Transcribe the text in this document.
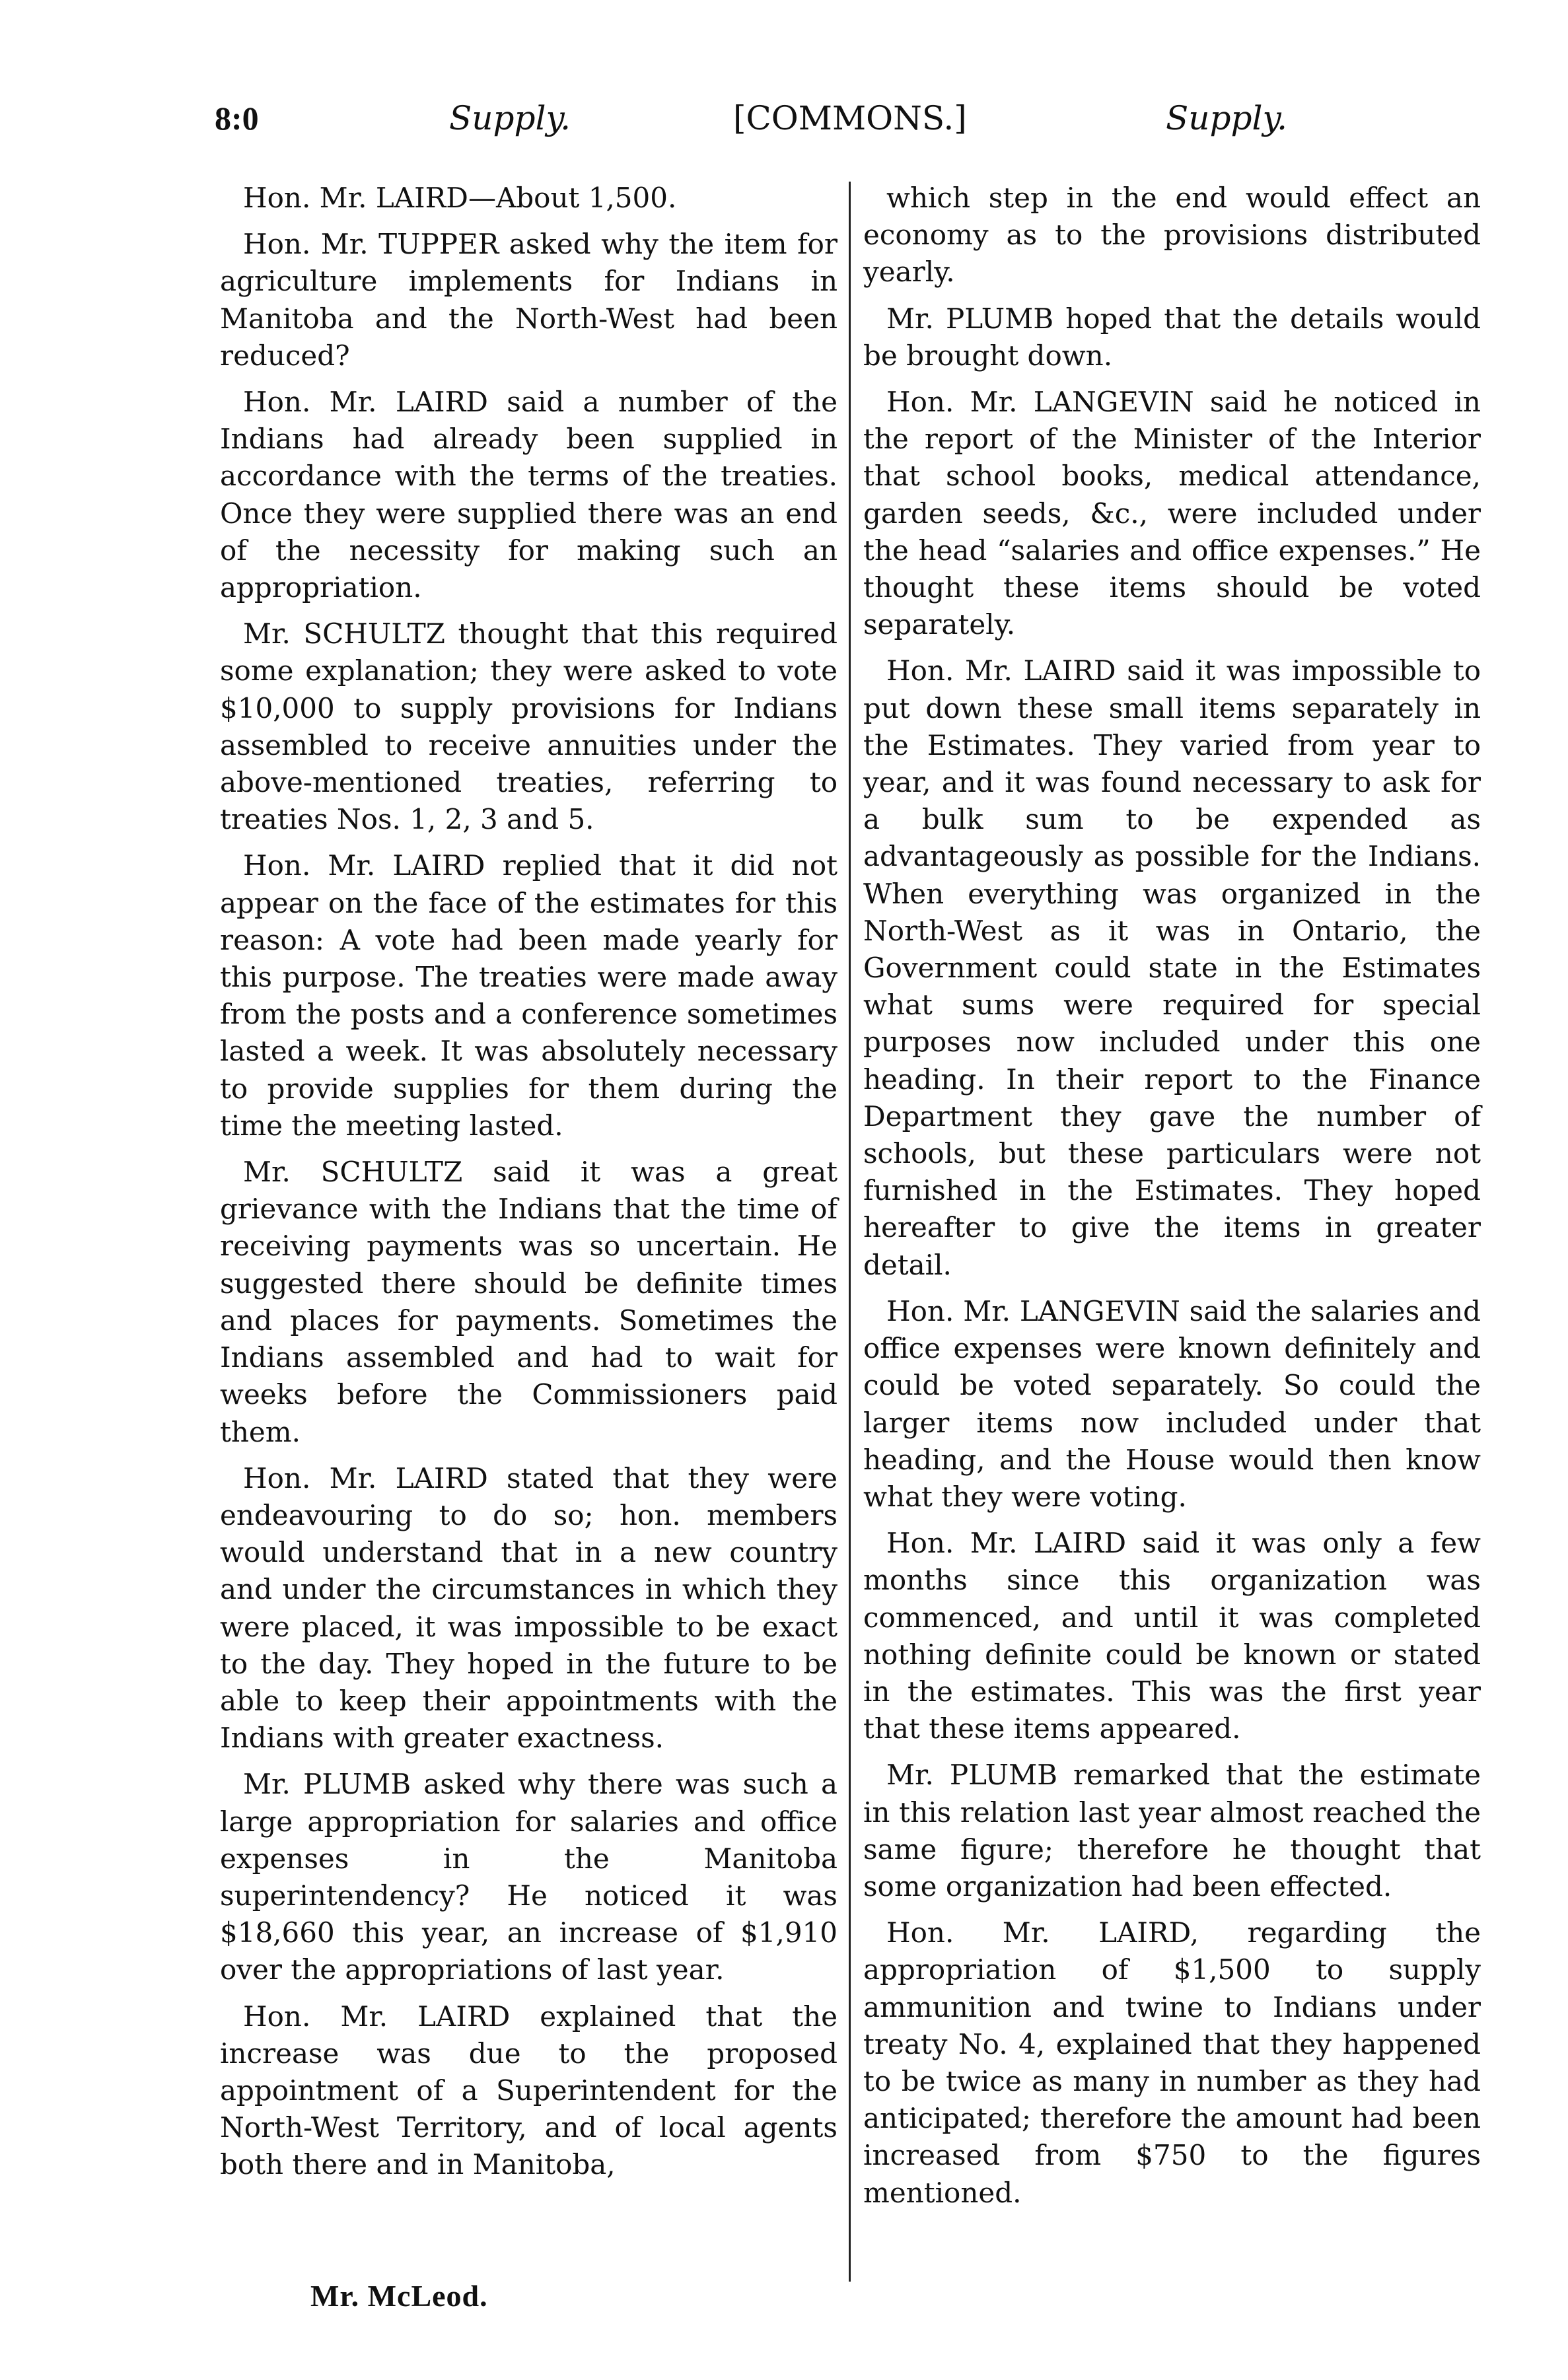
8:0	Supply.	[COMMONS.]	Supply.

Hon. Mr. LAIRD—About 1,500.

Hon. Mr. TUPPER asked why the item for agriculture implements for Indians in Manitoba and the North-West had been reduced?

Hon. Mr. LAIRD said a number of the Indians had already been supplied in accordance with the terms of the treaties. Once they were supplied there was an end of the necessity for making such an appropriation.

Mr. SCHULTZ thought that this required some explanation; they were asked to vote $10,000 to supply provisions for Indians assembled to receive annuities under the above-mentioned treaties, referring to treaties Nos. 1, 2, 3 and 5.

Hon. Mr. LAIRD replied that it did not appear on the face of the estimates for this reason: A vote had been made yearly for this purpose. The treaties were made away from the posts and a conference sometimes lasted a week. It was absolutely necessary to provide supplies for them during the time the meeting lasted.

Mr. SCHULTZ said it was a great grievance with the Indians that the time of receiving payments was so uncertain. He suggested there should be definite times and places for payments. Sometimes the Indians assembled and had to wait for weeks before the Commissioners paid them.

Hon. Mr. LAIRD stated that they were endeavouring to do so; hon. members would understand that in a new country and under the circumstances in which they were placed, it was impossible to be exact to the day. They hoped in the future to be able to keep their appointments with the Indians with greater exactness.

Mr. PLUMB asked why there was such a large appropriation for salaries and office expenses in the Manitoba superintendency? He noticed it was $18,660 this year, an increase of $1,910 over the appropriations of last year.

Hon. Mr. LAIRD explained that the increase was due to the proposed appointment of a Superintendent for the North-West Territory, and of local agents both there and in Manitoba,

which step in the end would effect an economy as to the provisions distributed yearly.

Mr. PLUMB hoped that the details would be brought down.

Hon. Mr. LANGEVIN said he noticed in the report of the Minister of the Interior that school books, medical attendance, garden seeds, &c., were included under the head “salaries and office expenses.” He thought these items should be voted separately.

Hon. Mr. LAIRD said it was impossible to put down these small items separately in the Estimates. They varied from year to year, and it was found necessary to ask for a bulk sum to be expended as advantageously as possible for the Indians. When everything was organized in the North-West as it was in Ontario, the Government could state in the Estimates what sums were required for special purposes now included under this one heading. In their report to the Finance Department they gave the number of schools, but these particulars were not furnished in the Estimates. They hoped hereafter to give the items in greater detail.

Hon. Mr. LANGEVIN said the salaries and office expenses were known definitely and could be voted separately. So could the larger items now included under that heading, and the House would then know what they were voting.

Hon. Mr. LAIRD said it was only a few months since this organization was commenced, and until it was completed nothing definite could be known or stated in the estimates. This was the first year that these items appeared.

Mr. PLUMB remarked that the estimate in this relation last year almost reached the same figure; therefore he thought that some organization had been effected.

Hon. Mr. LAIRD, regarding the appropriation of $1,500 to supply ammunition and twine to Indians under treaty No. 4, explained that they happened to be twice as many in number as they had anticipated; therefore the amount had been increased from $750 to the figures mentioned.

Mr. McLeod.
